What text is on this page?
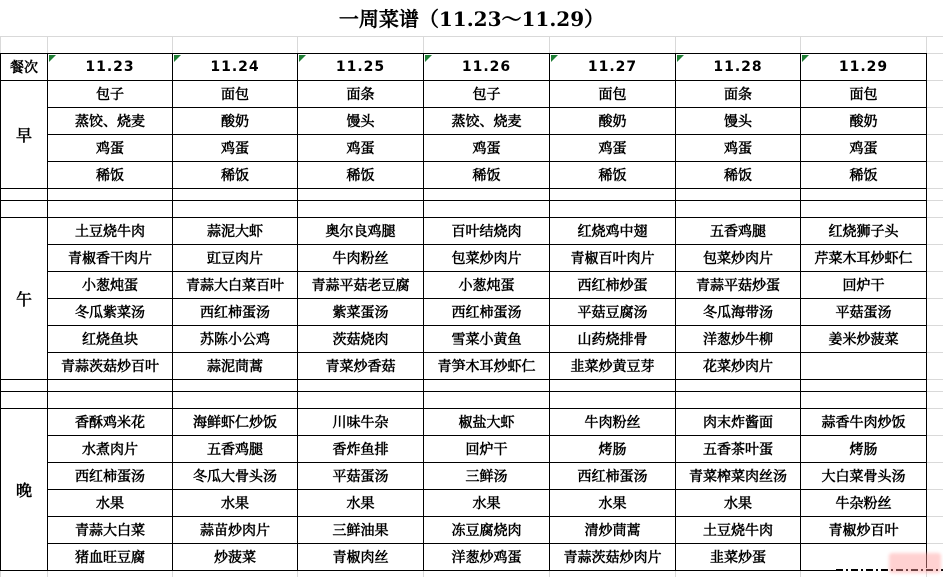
一周菜谱（11.23～11.29）

餐次	11.23	11.24	11.25	11.26	11.27	11.28	11.29

早	包子	面包	面条	包子	面包	面条	面包	
	蒸饺、烧麦	酸奶	馒头	蒸饺、烧麦	酸奶	馒头	酸奶	
	鸡蛋	鸡蛋	鸡蛋	鸡蛋	鸡蛋	鸡蛋	鸡蛋	
	稀饭	稀饭	稀饭	稀饭	稀饭	稀饭	稀饭	

午	土豆烧牛肉	蒜泥大虾	奥尔良鸡腿	百叶结烧肉	红烧鸡中翅	五香鸡腿	红烧狮子头	
	青椒香干肉片	豇豆肉片	牛肉粉丝	包菜炒肉片	青椒百叶肉片	包菜炒肉片	芹菜木耳炒虾仁	
	小葱炖蛋	青蒜大白菜百叶	青蒜平菇老豆腐	小葱炖蛋	西红柿炒蛋	青蒜平菇炒蛋	回炉干	
	冬瓜紫菜汤	西红柿蛋汤	紫菜蛋汤	西红柿蛋汤	平菇豆腐汤	冬瓜海带汤	平菇蛋汤	
	红烧鱼块	苏陈小公鸡	茨菇烧肉	雪菜小黄鱼	山药烧排骨	洋葱炒牛柳	姜米炒菠菜	
	青蒜茨菇炒百叶	蒜泥茼蒿	青菜炒香菇	青笋木耳炒虾仁	韭菜炒黄豆芽	花菜炒肉片		

晚	香酥鸡米花	海鲜虾仁炒饭	川味牛杂	椒盐大虾	牛肉粉丝	肉末炸酱面	蒜香牛肉炒饭	
	水煮肉片	五香鸡腿	香炸鱼排	回炉干	烤肠	五香茶叶蛋	烤肠	
	西红柿蛋汤	冬瓜大骨头汤	平菇蛋汤	三鲜汤	西红柿蛋汤	青菜榨菜肉丝汤	大白菜骨头汤	
	水果	水果	水果	水果	水果	水果	牛杂粉丝	
	青蒜大白菜	蒜苗炒肉片	三鲜油果	冻豆腐烧肉	清炒茼蒿	土豆烧牛肉	青椒炒百叶	
	猪血旺豆腐	炒菠菜	青椒肉丝	洋葱炒鸡蛋	青蒜茨菇炒肉片	韭菜炒蛋		
